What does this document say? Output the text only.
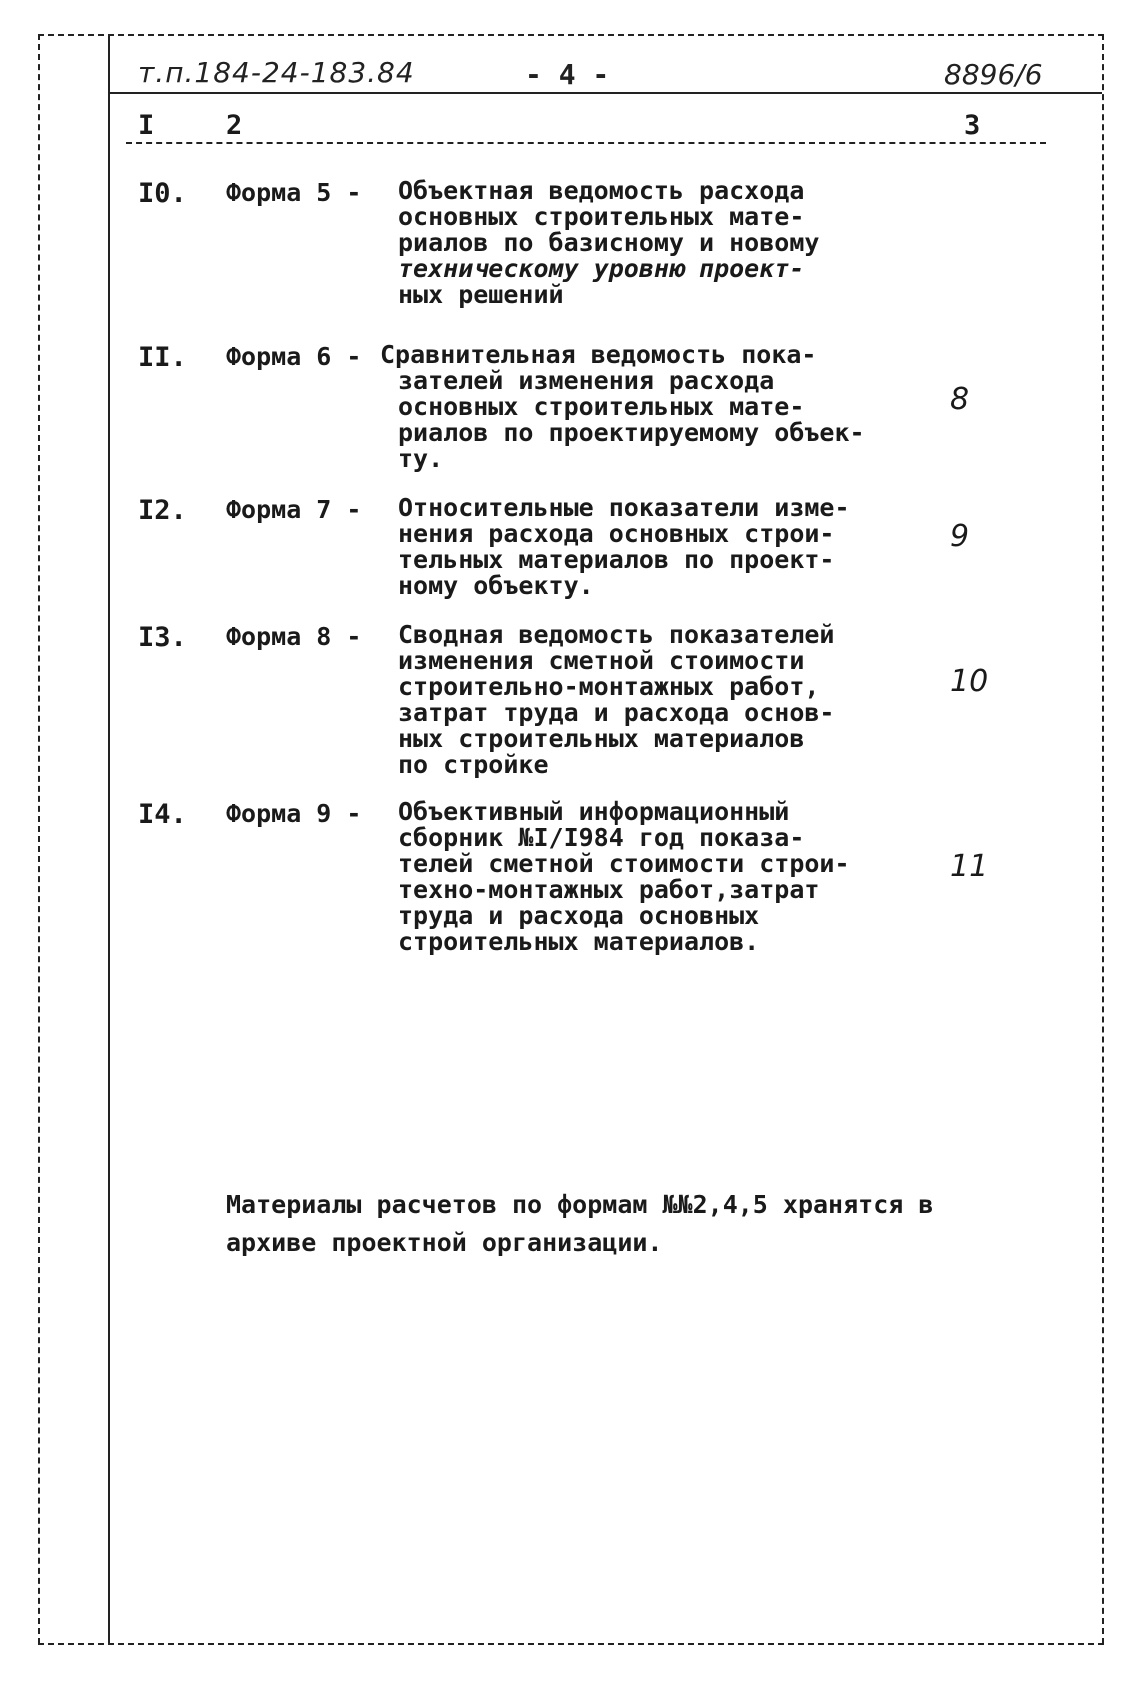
т.п.184-24-183.84	- 4 -	8896/6
I	2	3
I0. Форма 5 - Объектная ведомость расхода
основных строительных мате-
риалов по базисному и новому
техническому уровню проект-
ных решений
II. Форма 6 - Сравнительная ведомость пока-
зателей изменения расхода
основных строительных мате-
риалов по проектируемому объек-
ту.
8
I2. Форма 7 - Относительные показатели изме-
нения расхода основных строи-
тельных материалов по проект-
ному объекту.
9
I3. Форма 8 - Сводная ведомость показателей
изменения сметной стоимости
строительно-монтажных работ,
затрат труда и расхода основ-
ных строительных материалов
по стройке
10
I4. Форма 9 - Объективный информационный
сборник №I/I984 год показа-
телей сметной стоимости строи-
техно-монтажных работ,затрат
труда и расхода основных
строительных материалов.
11
Материалы расчетов по формам №№2,4,5 хранятся в
архиве проектной организации.
